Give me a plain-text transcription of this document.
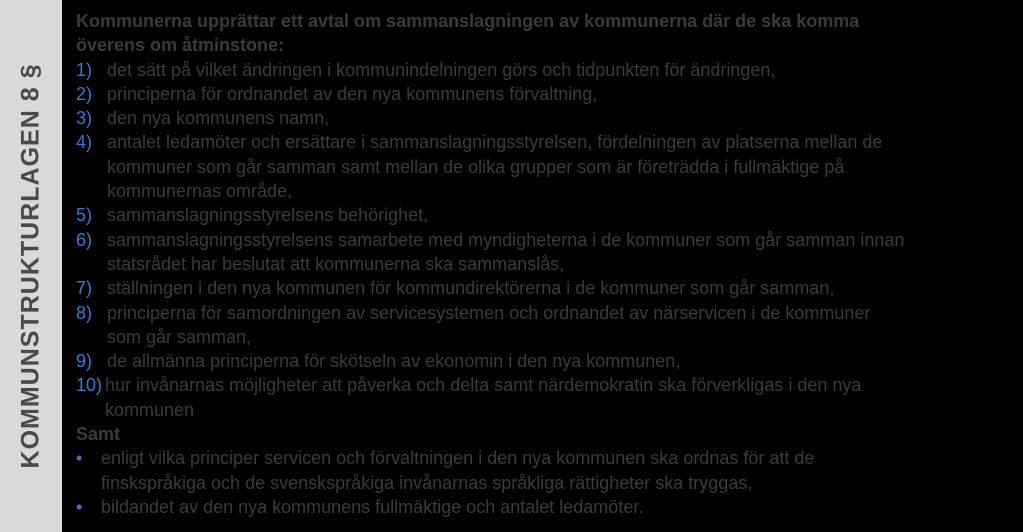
KOMMUNSTRUKTURLAGEN 8 §
Kommunerna upprättar ett avtal om sammanslagningen av kommunerna där de ska komma
överens om åtminstone:
1) det sätt på vilket ändringen i kommunindelningen görs och tidpunkten för ändringen,
2) principerna för ordnandet av den nya kommunens förvaltning,
3) den nya kommunens namn,
4) antalet ledamöter och ersättare i sammanslagningsstyrelsen, fördelningen av platserna mellan de
kommuner som går samman samt mellan de olika grupper som är företrädda i fullmäktige på
kommunernas område,
5) sammanslagningsstyrelsens behörighet,
6) sammanslagningsstyrelsens samarbete med myndigheterna i de kommuner som går samman innan
statsrådet har beslutat att kommunerna ska sammanslås,
7) ställningen i den nya kommunen för kommundirektörerna i de kommuner som går samman,
8) principerna för samordningen av servicesystemen och ordnandet av närservicen i de kommuner
som går samman,
9) de allmänna principerna för skötseln av ekonomin i den nya kommunen,
10) hur invånarnas möjligheter att påverka och delta samt närdemokratin ska förverkligas i den nya
kommunen
Samt
•	enligt vilka principer servicen och förvaltningen i den nya kommunen ska ordnas för att de
finskspråkiga och de svenskspråkiga invånarnas språkliga rättigheter ska tryggas,
•	bildandet av den nya kommunens fullmäktige och antalet ledamöter.
